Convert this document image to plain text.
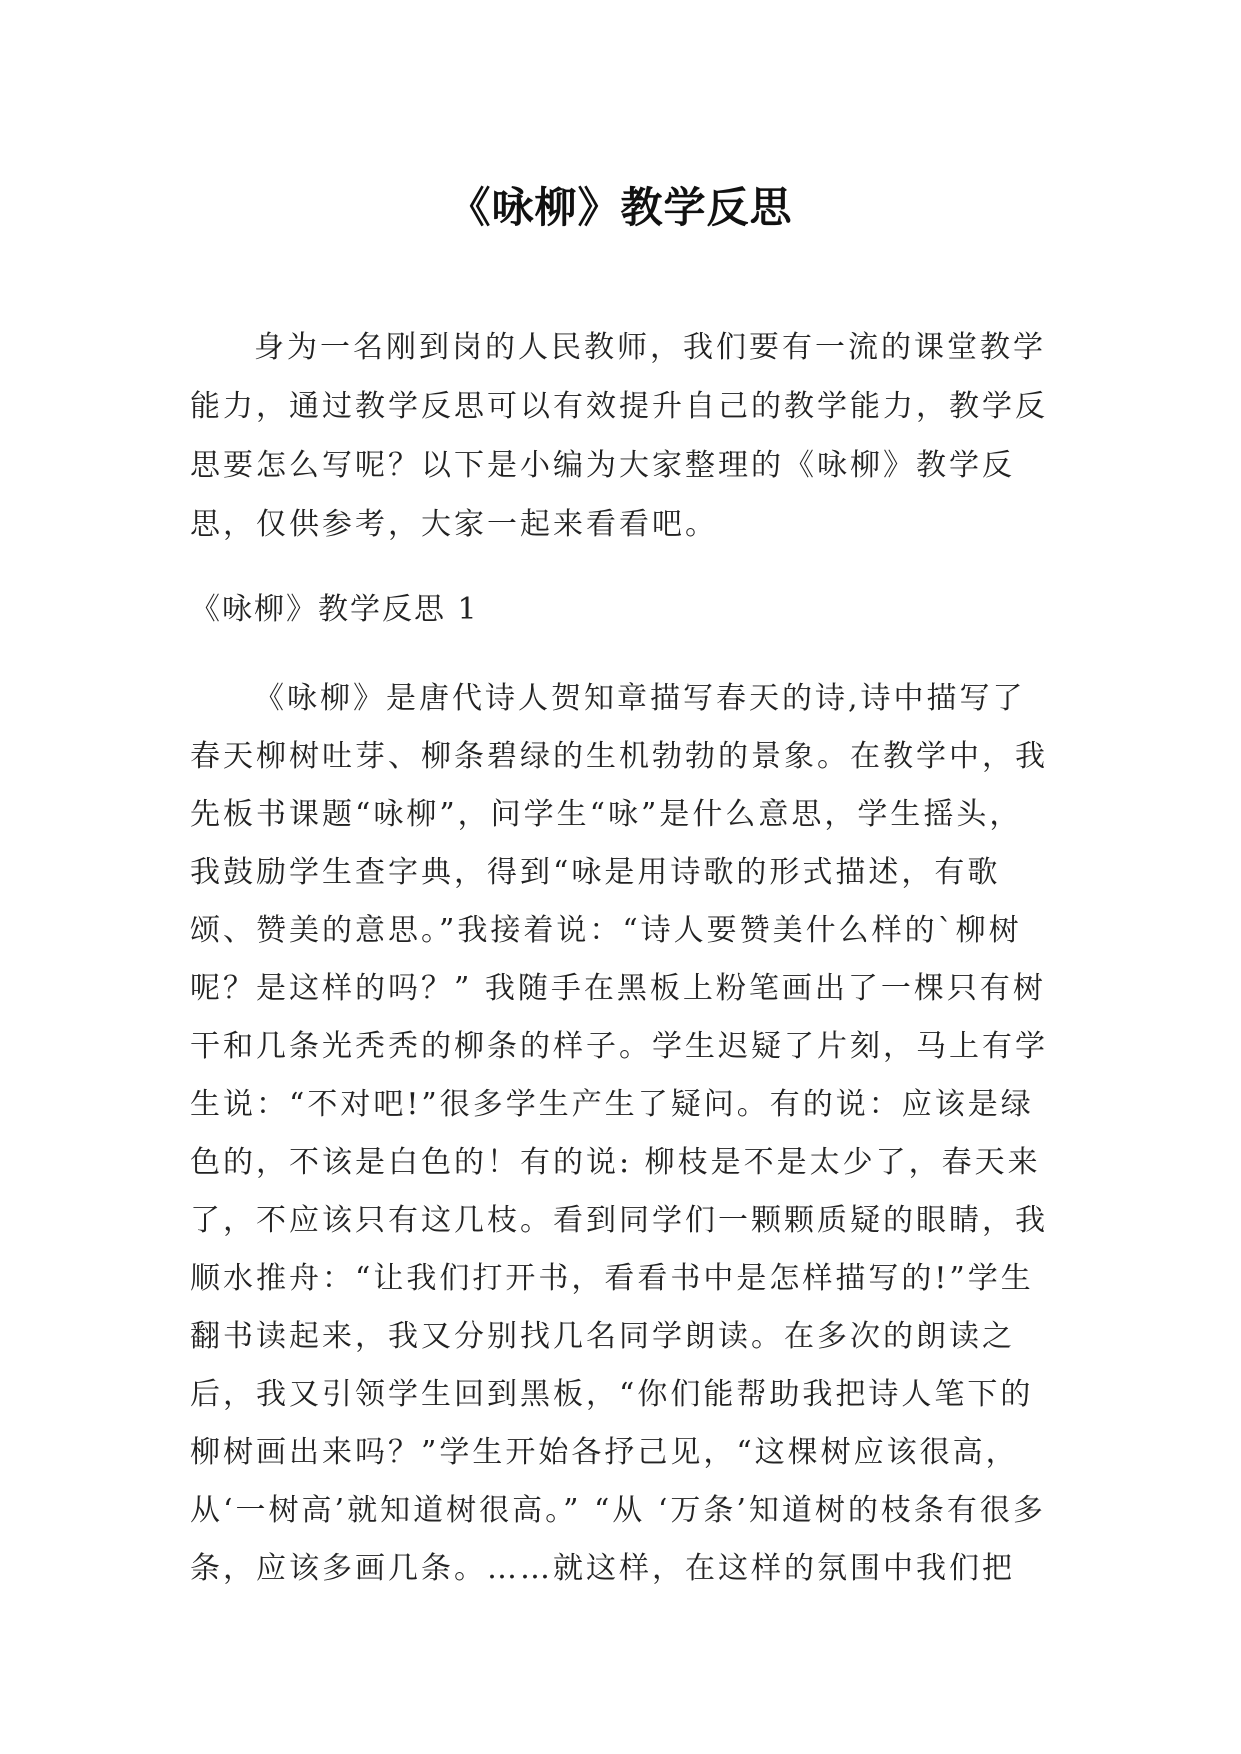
《咏柳》教学反思

身为一名刚到岗的人民教师，我们要有一流的课堂教学能力，通过教学反思可以有效提升自己的教学能力，教学反思要怎么写呢？以下是小编为大家整理的《咏柳》教学反思，仅供参考，大家一起来看看吧。

《咏柳》教学反思 1

《咏柳》是唐代诗人贺知章描写春天的诗,诗中描写了春天柳树吐芽、柳条碧绿的生机勃勃的景象。在教学中，我先板书课题“咏柳”，问学生“咏”是什么意思，学生摇头，我鼓励学生查字典，得到“咏是用诗歌的形式描述，有歌颂、赞美的意思。”我接着说：“诗人要赞美什么样的`柳树呢？是这样的吗？” 我随手在黑板上粉笔画出了一棵只有树干和几条光秃秃的柳条的样子。学生迟疑了片刻，马上有学生说：“不对吧!”很多学生产生了疑问。有的说：应该是绿色的，不该是白色的！有的说: 柳枝是不是太少了，春天来了，不应该只有这几枝。看到同学们一颗颗质疑的眼睛，我顺水推舟：“让我们打开书，看看书中是怎样描写的!”学生翻书读起来，我又分别找几名同学朗读。在多次的朗读之后，我又引领学生回到黑板，“你们能帮助我把诗人笔下的柳树画出来吗？”学生开始各抒己见，“这棵树应该很高，从‘一树高’就知道树很高。” “从 ‘万条’知道树的枝条有很多条，应该多画几条。……就这样，在这样的氛围中我们把
